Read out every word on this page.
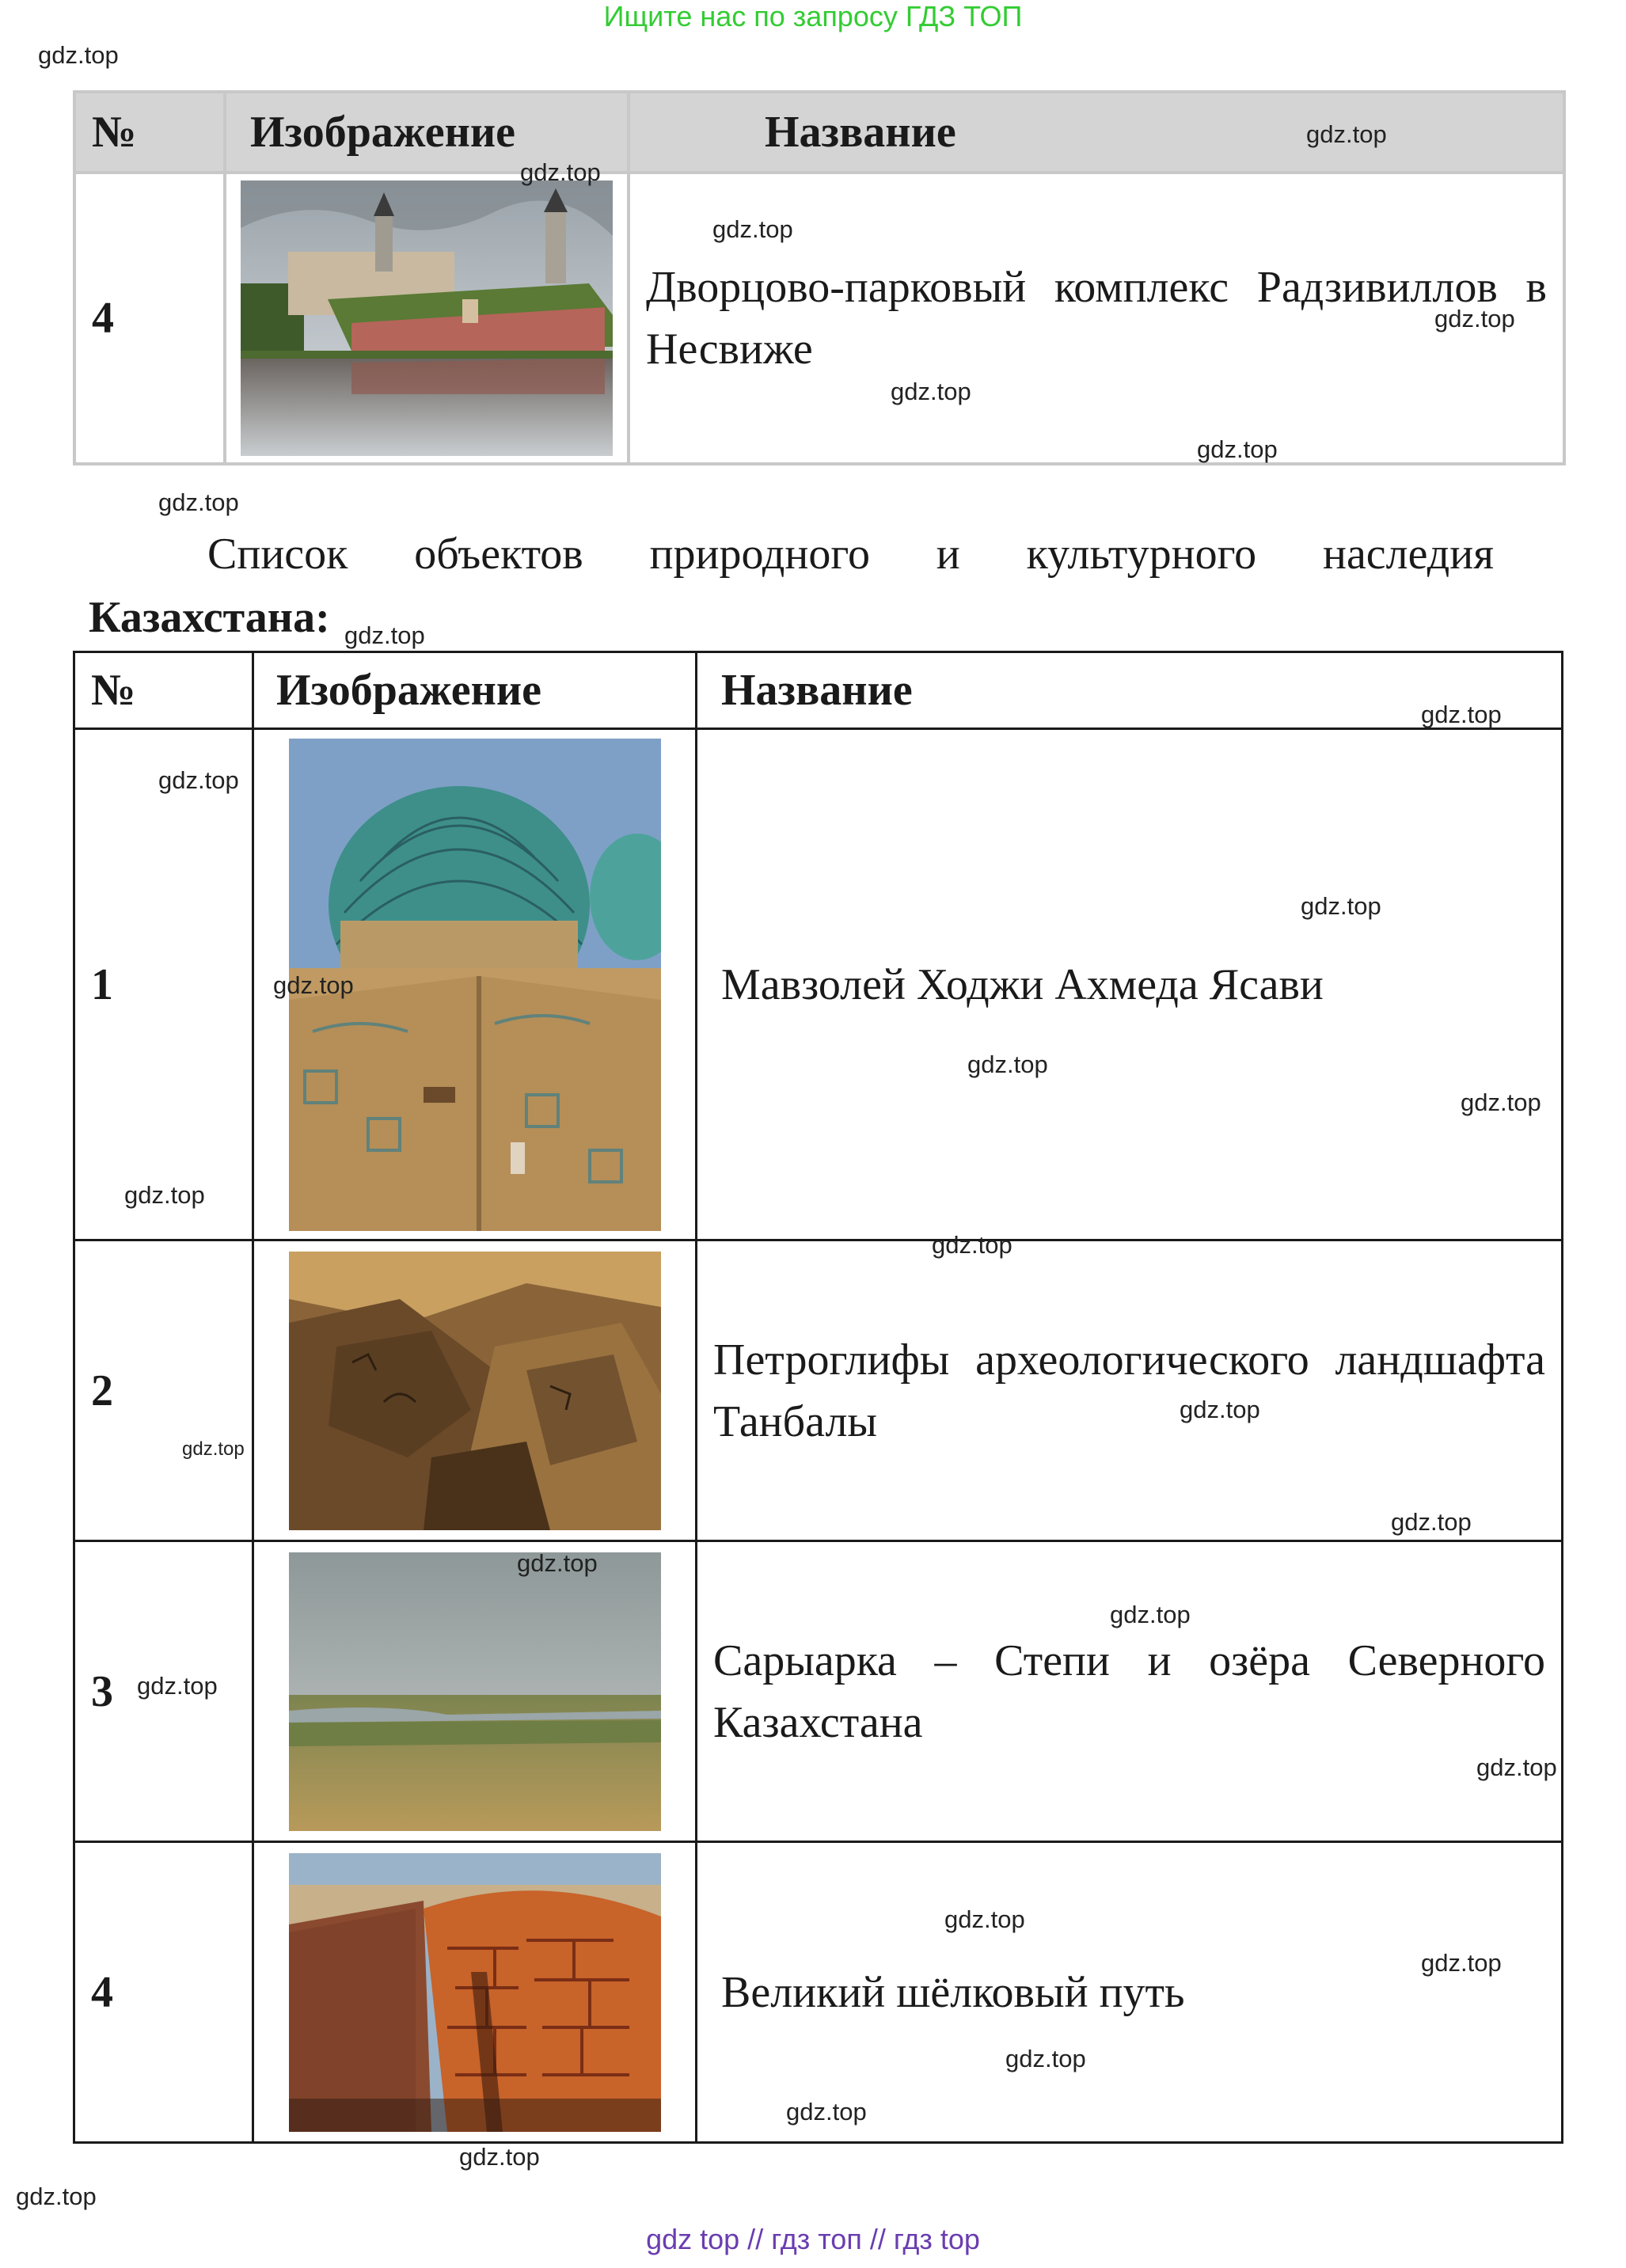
Ищите нас по запросу ГДЗ ТОП
№	Изображение	Название
4		Дворцово-парковый комплекс Радзивиллов в Несвиже
Список объектов природного и культурного наследия
Казахстана:
№	Изображение	Название
1		Мавзолей Ходжи Ахмеда Ясави
2		Петроглифы археологического ландшафта Танбалы
3		Сарыарка – Степи и озёра Северного Казахстана
4		Великий шёлковый путь
gdz.top
gdz.top
gdz.top
gdz.top
gdz.top
gdz.top
gdz.top
gdz.top
gdz.top
gdz.top
gdz.top
gdz.top
gdz.top
gdz.top
gdz.top
gdz.top
gdz.top
gdz.top
gdz.top
gdz.top
gdz.top
gdz.top
gdz.top
gdz.top
gdz.top
gdz.top
gdz.top
gdz.top
gdz.top
gdz.top
gdz top // гдз топ // гдз top
